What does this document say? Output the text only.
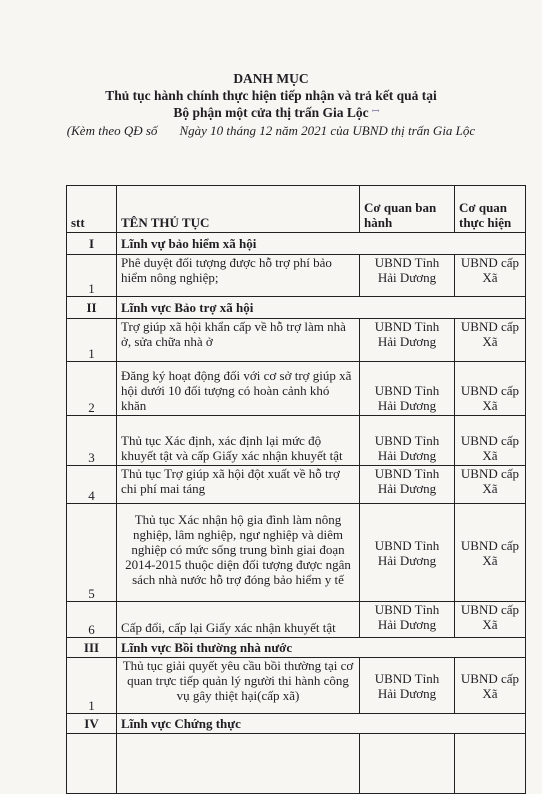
DANH MỤC
Thủ tục hành chính thực hiện tiếp nhận và trả kết quả tại
Bộ phận một cửa thị trấn Gia Lộc
(Kèm theo QĐ số Ngày 10 tháng 12 năm 2021 của UBND thị trấn Gia Lộc
ꟷ
stt	TÊN THỦ TỤC	Cơ quan ban hành	Cơ quan thực hiện
I	Lĩnh vự bảo hiểm xã hội		
1	Phê duyệt đối tượng được hỗ trợ phí bảo hiểm nông nghiệp;	UBND Tỉnh Hải Dương	UBND cấp Xã
II	Lĩnh vực Bảo trợ xã hội		
1	Trợ giúp xã hội khẩn cấp về hỗ trợ làm nhà ở, sửa chữa nhà ở	UBND Tỉnh Hải Dương	UBND cấp Xã
2	Đăng ký hoạt động đối với cơ sở trợ giúp xã hội dưới 10 đối tượng có hoàn cảnh khó khăn	UBND Tỉnh Hải Dương	UBND cấp Xã
3	Thủ tục Xác định, xác định lại mức độ khuyết tật và cấp Giấy xác nhận khuyết tật	UBND Tỉnh Hải Dương	UBND cấp Xã
4	Thủ tục Trợ giúp xã hội đột xuất về hỗ trợ chi phí mai táng	UBND Tỉnh Hải Dương	UBND cấp Xã
5	Thủ tục Xác nhận hộ gia đình làm nông nghiệp, lâm nghiệp, ngư nghiệp và diêm nghiệp có mức sống trung bình giai đoạn 2014-2015 thuộc diện đối tượng được ngân sách nhà nước hỗ trợ đóng bảo hiểm y tế	UBND Tỉnh Hải Dương	UBND cấp Xã
6	Cấp đổi, cấp lại Giấy xác nhận khuyết tật	UBND Tỉnh Hải Dương	UBND cấp Xã
III	Lĩnh vực Bồi thường nhà nước		
1	Thủ tục giải quyết yêu cầu bồi thường tại cơ quan trực tiếp quản lý người thi hành công vụ gây thiệt hại(cấp xã)	UBND Tỉnh Hải Dương	UBND cấp Xã
IV	Lĩnh vực Chứng thực		
